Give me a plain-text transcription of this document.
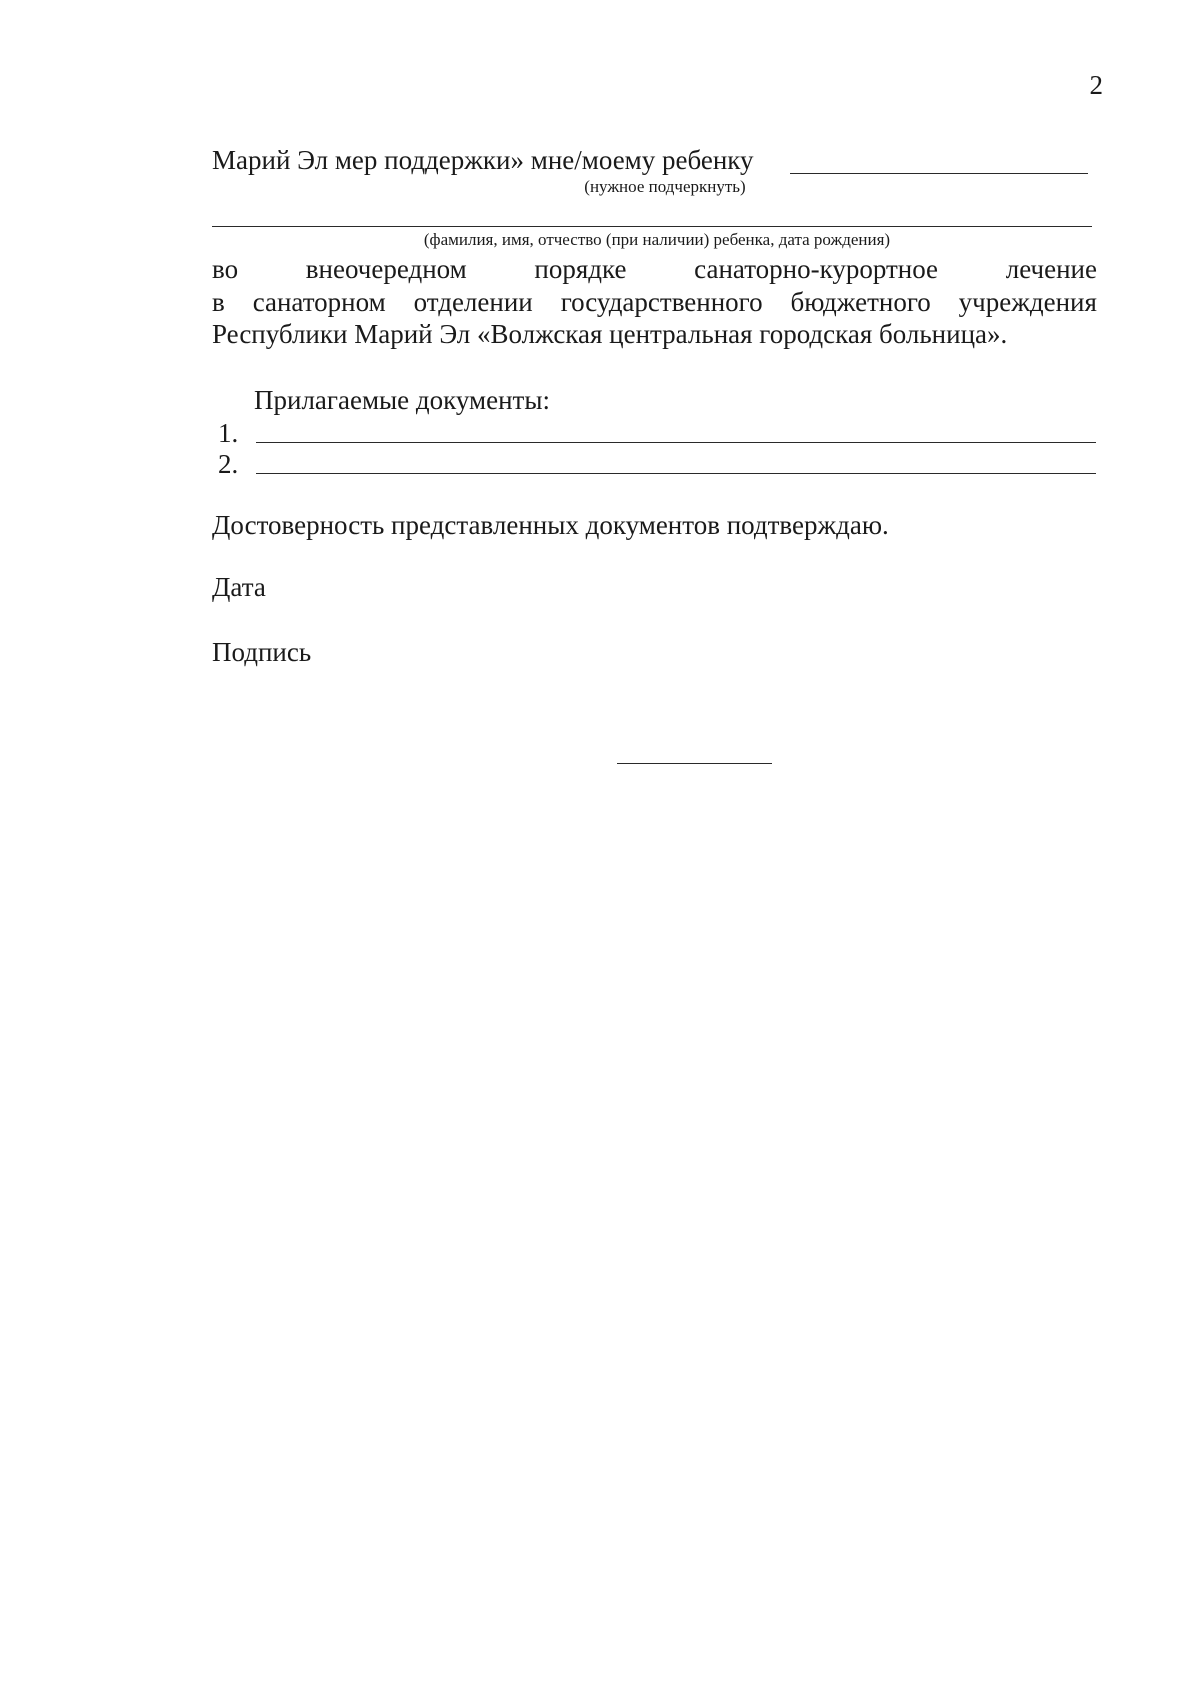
2
Марий Эл мер поддержки» мне/моему ребенку
(нужное подчеркнуть)
(фамилия, имя, отчество (при наличии) ребенка, дата рождения)
во	внеочередном	порядке	санаторно-курортное	лечение
в санаторном отделении государственного бюджетного учреждения
Республики Марий Эл «Волжская центральная городская больница».
Прилагаемые документы:
1.
2.
Достоверность представленных документов подтверждаю.
Дата
Подпись
